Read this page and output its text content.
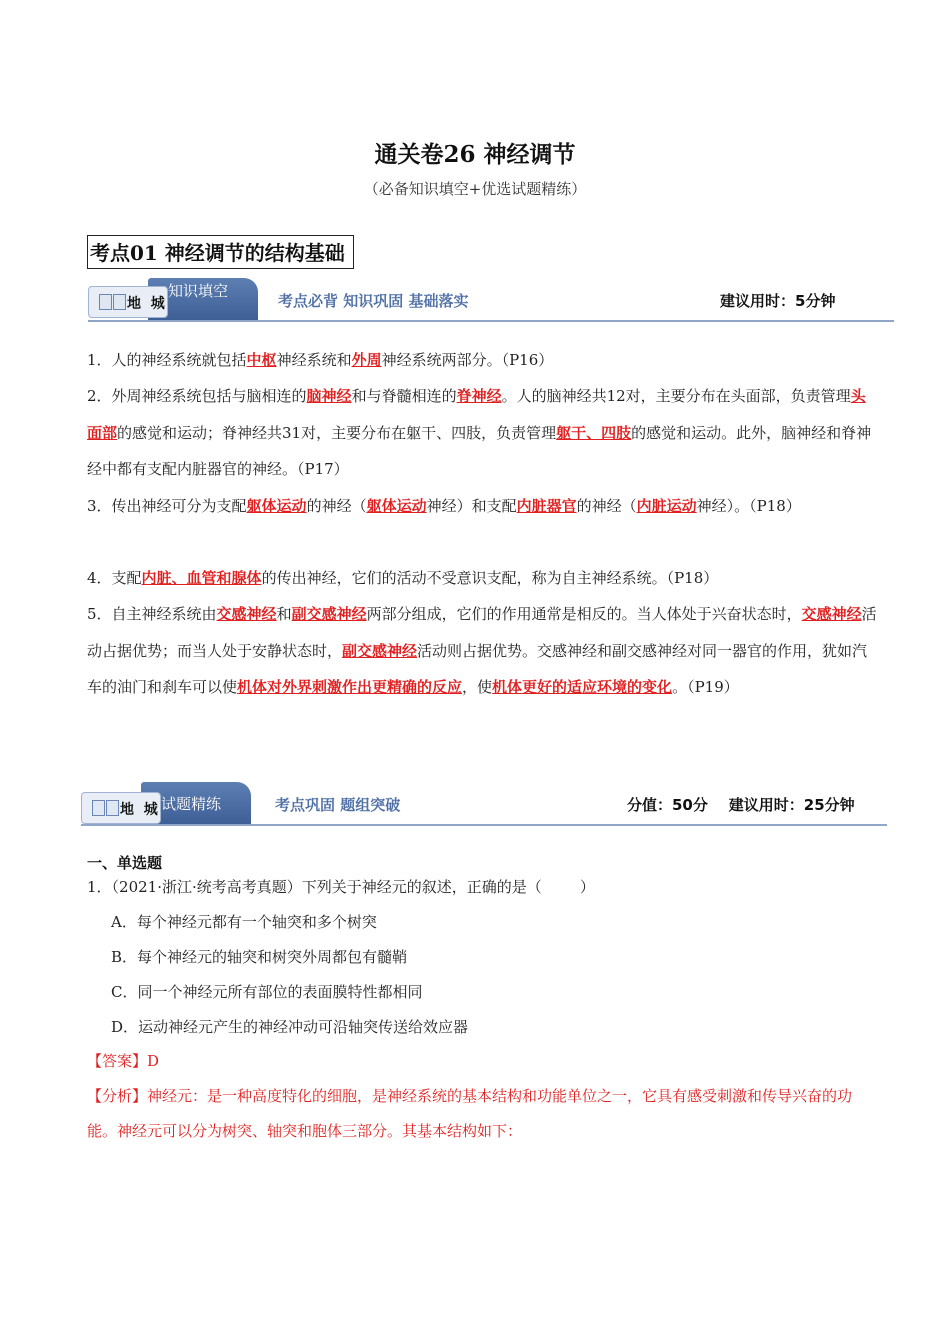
通关卷26 神经调节
（必备知识填空+优选试题精练）
考点01 神经调节的结构基础
知识填空
地  城	考点必背 知识巩固 基础落实	建议用时：5分钟
1．人的神经系统就包括中枢神经系统和外周神经系统两部分。（P16）
2．外周神经系统包括与脑相连的脑神经和与脊髓相连的脊神经。人的脑神经共12对，主要分布在头面部，负责管理头面部的感觉和运动；脊神经共31对，主要分布在躯干、四肢，负责管理躯干、四肢的感觉和运动。此外，脑神经和脊神经中都有支配内脏器官的神经。（P17）
3．传出神经可分为支配躯体运动的神经（躯体运动神经）和支配内脏器官的神经（内脏运动神经）。（P18）
4．支配内脏、血管和腺体的传出神经，它们的活动不受意识支配，称为自主神经系统。（P18）
5．自主神经系统由交感神经和副交感神经两部分组成，它们的作用通常是相反的。当人体处于兴奋状态时，交感神经活动占据优势；而当人处于安静状态时，副交感神经活动则占据优势。交感神经和副交感神经对同一器官的作用，犹如汽车的油门和刹车可以使机体对外界刺激作出更精确的反应，使机体更好的适应环境的变化。（P19）
试题精练
地  城	考点巩固 题组突破	分值：50分    建议用时：25分钟
一、单选题
1．（2021·浙江·统考高考真题）下列关于神经元的叙述，正确的是（        ）
A．每个神经元都有一个轴突和多个树突
B．每个神经元的轴突和树突外周都包有髓鞘
C．同一个神经元所有部位的表面膜特性都相同
D．运动神经元产生的神经冲动可沿轴突传送给效应器
【答案】D
【分析】神经元：是一种高度特化的细胞，是神经系统的基本结构和功能单位之一，它具有感受刺激和传导兴奋的功能。神经元可以分为树突、轴突和胞体三部分。其基本结构如下：
